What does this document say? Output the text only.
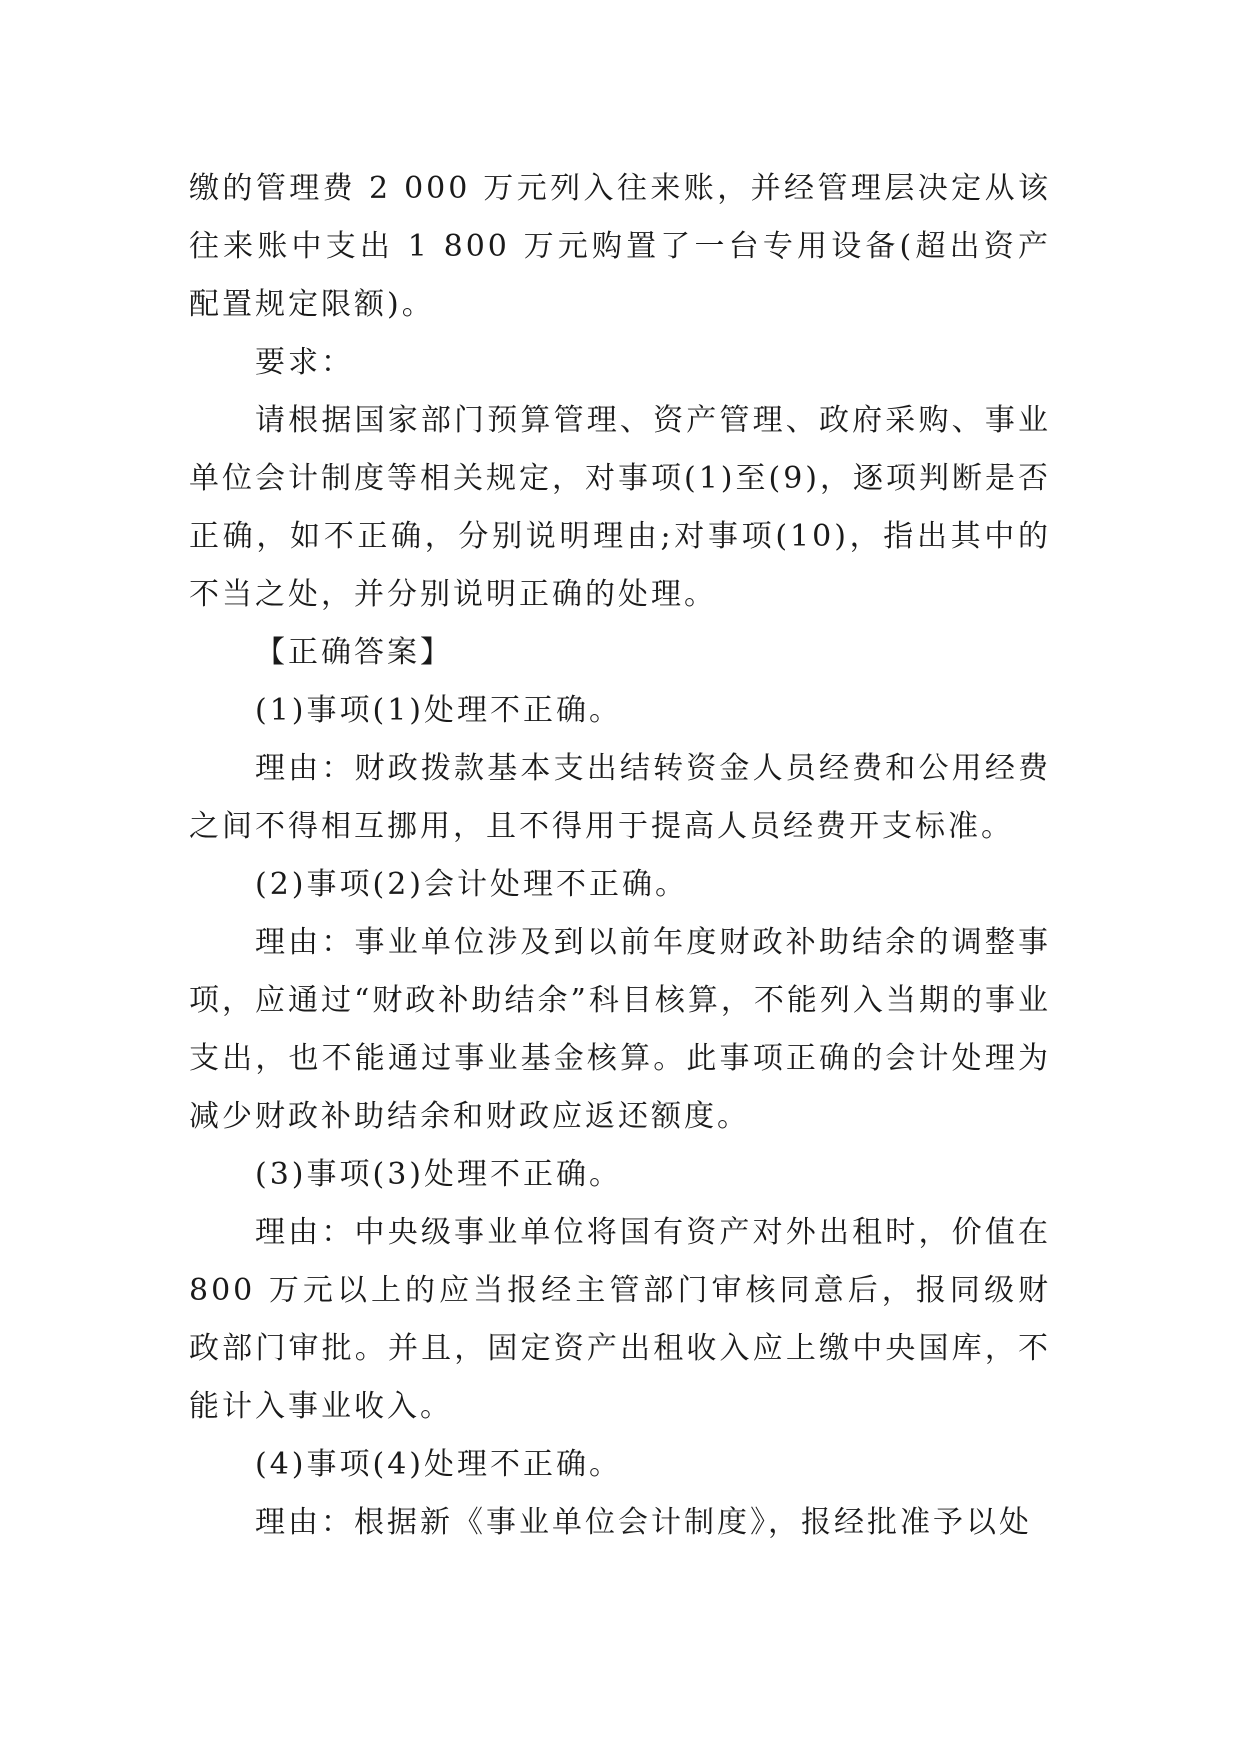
缴的管理费 2 000 万元列入往来账，并经管理层决定从该往来账中支出 1 800 万元购置了一台专用设备(超出资产配置规定限额)。

要求：

请根据国家部门预算管理、资产管理、政府采购、事业单位会计制度等相关规定，对事项(1)至(9)，逐项判断是否正确，如不正确，分别说明理由;对事项(10)，指出其中的不当之处，并分别说明正确的处理。

【正确答案】

(1)事项(1)处理不正确。

理由：财政拨款基本支出结转资金人员经费和公用经费之间不得相互挪用，且不得用于提高人员经费开支标准。

(2)事项(2)会计处理不正确。

理由：事业单位涉及到以前年度财政补助结余的调整事项，应通过“财政补助结余”科目核算，不能列入当期的事业支出，也不能通过事业基金核算。此事项正确的会计处理为减少财政补助结余和财政应返还额度。

(3)事项(3)处理不正确。

理由：中央级事业单位将国有资产对外出租时，价值在800 万元以上的应当报经主管部门审核同意后，报同级财政部门审批。并且，固定资产出租收入应上缴中央国库，不能计入事业收入。

(4)事项(4)处理不正确。

理由：根据新《事业单位会计制度》，报经批准予以处
